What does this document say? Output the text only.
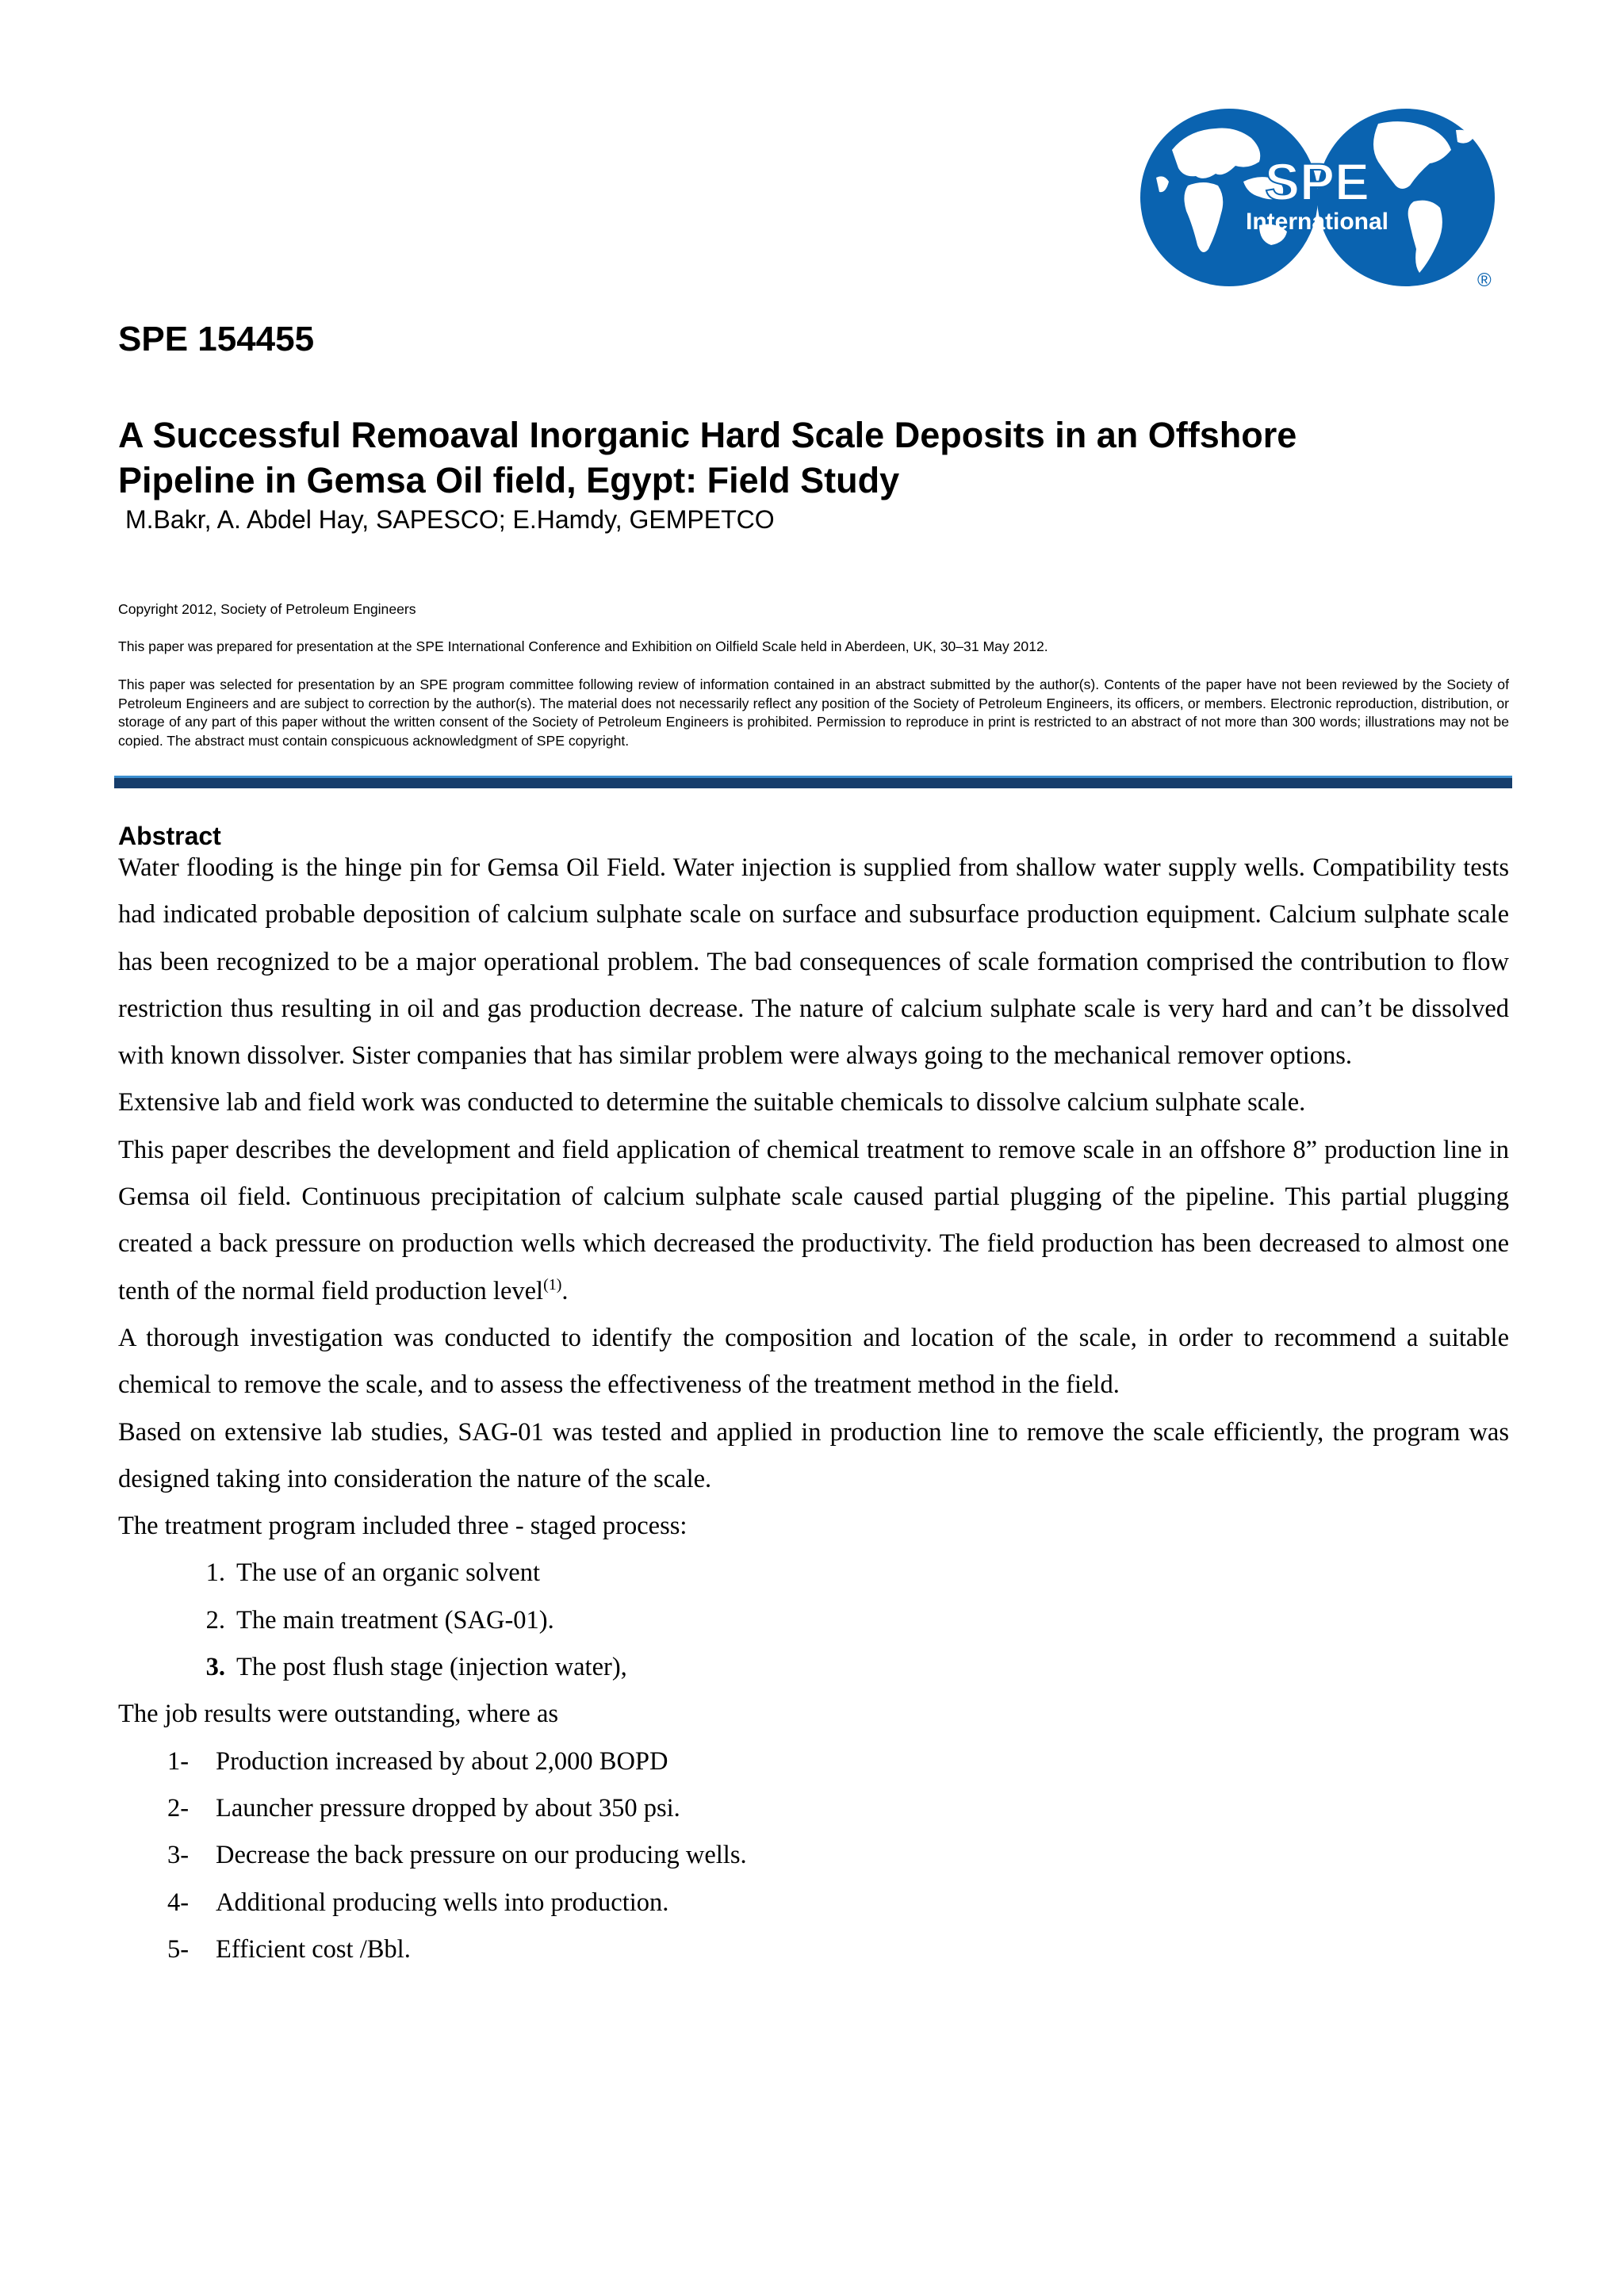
SPE
International
®
SPE 154455
A Successful Remoaval Inorganic Hard Scale Deposits in an Offshore
Pipeline in Gemsa Oil field, Egypt: Field Study

M.Bakr, A. Abdel Hay, SAPESCO; E.Hamdy, GEMPETCO

Copyright 2012, Society of Petroleum Engineers

This paper was prepared for presentation at the SPE International Conference and Exhibition on Oilfield Scale held in Aberdeen, UK, 30–31 May 2012.

This paper was selected for presentation by an SPE program committee following review of information contained in an abstract submitted by the author(s). Contents of the paper have not been reviewed by the Society of Petroleum Engineers and are subject to correction by the author(s). The material does not necessarily reflect any position of the Society of Petroleum Engineers, its officers, or members. Electronic reproduction, distribution, or storage of any part of this paper without the written consent of the Society of Petroleum Engineers is prohibited. Permission to reproduce in print is restricted to an abstract of not more than 300 words; illustrations may not be copied. The abstract must contain conspicuous acknowledgment of SPE copyright.

Abstract

Water flooding is the hinge pin for Gemsa Oil Field. Water injection is supplied from shallow water supply wells. Compatibility tests had indicated probable deposition of calcium sulphate scale on surface and subsurface production equipment. Calcium sulphate scale has been recognized to be a major operational problem. The bad consequences of scale formation comprised the contribution to flow restriction thus resulting in oil and gas production decrease. The nature of calcium sulphate scale is very hard and can’t be dissolved with known dissolver. Sister companies that has similar problem were always going to the mechanical remover options.

Extensive lab and field work was conducted to determine the suitable chemicals to dissolve calcium sulphate scale.

This paper describes the development and field application of chemical treatment to remove scale in an offshore 8” production line in Gemsa oil field. Continuous precipitation of calcium sulphate scale caused partial plugging of the pipeline. This partial plugging created a back pressure on production wells which decreased the productivity. The field production has been decreased to almost one tenth of the normal field production level$^{(1)}$.

A thorough investigation was conducted to identify the composition and location of the scale, in order to recommend a suitable chemical to remove the scale, and to assess the effectiveness of the treatment method in the field.

Based on extensive lab studies, SAG-01 was tested and applied in production line to remove the scale efficiently, the program was designed taking into consideration the nature of the scale.

The treatment program included three - staged process:

1. The use of an organic solvent
2. The main treatment (SAG-01).
3. The post flush stage (injection water),

The job results were outstanding, where as

1- Production increased by about 2,000 BOPD
2- Launcher pressure dropped by about 350 psi.
3- Decrease the back pressure on our producing wells.
4- Additional producing wells into production.
5- Efficient cost /Bbl.
